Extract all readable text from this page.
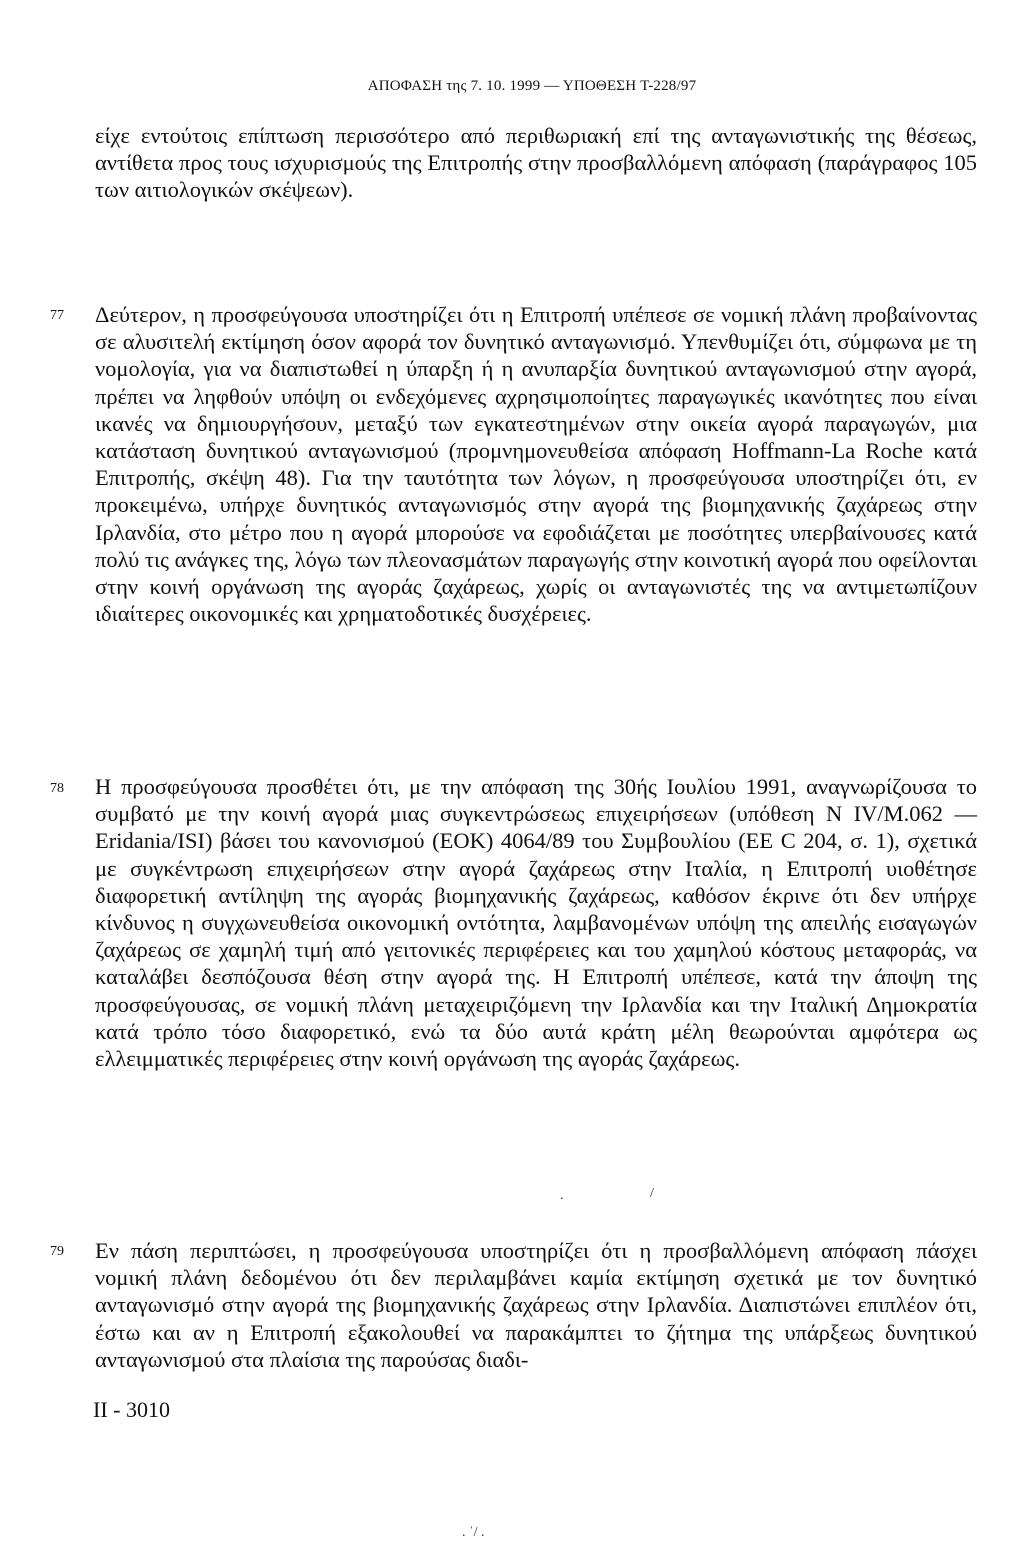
ΑΠΟΦΑΣΗ της 7. 10. 1999 — ΥΠΟΘΕΣΗ T-228/97
είχε εντούτοις επίπτωση περισσότερο από περιθωριακή επί της ανταγωνιστικής της θέσεως, αντίθετα προς τους ισχυρισμούς της Επιτροπής στην προσβαλλόμενη απόφαση (παράγραφος 105 των αιτιολογικών σκέψεων).
77 Δεύτερον, η προσφεύγουσα υποστηρίζει ότι η Επιτροπή υπέπεσε σε νομική πλάνη προβαίνοντας σε αλυσιτελή εκτίμηση όσον αφορά τον δυνητικό ανταγωνισμό. Υπενθυμίζει ότι, σύμφωνα με τη νομολογία, για να διαπιστωθεί η ύπαρξη ή η ανυπαρξία δυνητικού ανταγωνισμού στην αγορά, πρέπει να ληφθούν υπόψη οι ενδεχόμενες αχρησιμοποίητες παραγωγικές ικανότητες που είναι ικανές να δημιουργήσουν, μεταξύ των εγκατεστημένων στην οικεία αγορά παραγωγών, μια κατάσταση δυνητικού ανταγωνισμού (προμνημονευθείσα απόφαση Hoffmann-La Roche κατά Επιτροπής, σκέψη 48). Για την ταυτότητα των λόγων, η προσφεύγουσα υποστηρίζει ότι, εν προκειμένω, υπήρχε δυνητικός ανταγωνισμός στην αγορά της βιομηχανικής ζαχάρεως στην Ιρλανδία, στο μέτρο που η αγορά μπορούσε να εφοδιάζεται με ποσότητες υπερβαίνουσες κατά πολύ τις ανάγκες της, λόγω των πλεονασμάτων παραγωγής στην κοινοτική αγορά που οφείλονται στην κοινή οργάνωση της αγοράς ζαχάρεως, χωρίς οι ανταγωνιστές της να αντιμετωπίζουν ιδιαίτερες οικονομικές και χρηματοδοτικές δυσχέρειες.
78 Η προσφεύγουσα προσθέτει ότι, με την απόφαση της 30ής Ιουλίου 1991, αναγνωρίζουσα το συμβατό με την κοινή αγορά μιας συγκεντρώσεως επιχειρήσεων (υπόθεση N IV/M.062 — Eridania/ISI) βάσει του κανονισμού (ΕΟΚ) 4064/89 του Συμβουλίου (ΕΕ C 204, σ. 1), σχετικά με συγκέντρωση επιχειρήσεων στην αγορά ζαχάρεως στην Ιταλία, η Επιτροπή υιοθέτησε διαφορετική αντίληψη της αγοράς βιομηχανικής ζαχάρεως, καθόσον έκρινε ότι δεν υπήρχε κίνδυνος η συγχωνευθείσα οικονομική οντότητα, λαμβανομένων υπόψη της απειλής εισαγωγών ζαχάρεως σε χαμηλή τιμή από γειτονικές περιφέρειες και του χαμηλού κόστους μεταφοράς, να καταλάβει δεσπόζουσα θέση στην αγορά της. Η Επιτροπή υπέπεσε, κατά την άποψη της προσφεύγουσας, σε νομική πλάνη μεταχειριζόμενη την Ιρλανδία και την Ιταλική Δημοκρατία κατά τρόπο τόσο διαφορετικό, ενώ τα δύο αυτά κράτη μέλη θεωρούνται αμφότερα ως ελλειμματικές περιφέρειες στην κοινή οργάνωση της αγοράς ζαχάρεως.
.	/
79 Εν πάση περιπτώσει, η προσφεύγουσα υποστηρίζει ότι η προσβαλλόμενη απόφαση πάσχει νομική πλάνη δεδομένου ότι δεν περιλαμβάνει καμία εκτίμηση σχετικά με τον δυνητικό ανταγωνισμό στην αγορά της βιομηχανικής ζαχάρεως στην Ιρλανδία. Διαπιστώνει επιπλέον ότι, έστω και αν η Επιτροπή εξακολουθεί να παρακάμπτει το ζήτημα της υπάρξεως δυνητικού ανταγωνισμού στα πλαίσια της παρούσας διαδι-
II - 3010
. ˈ/ .
